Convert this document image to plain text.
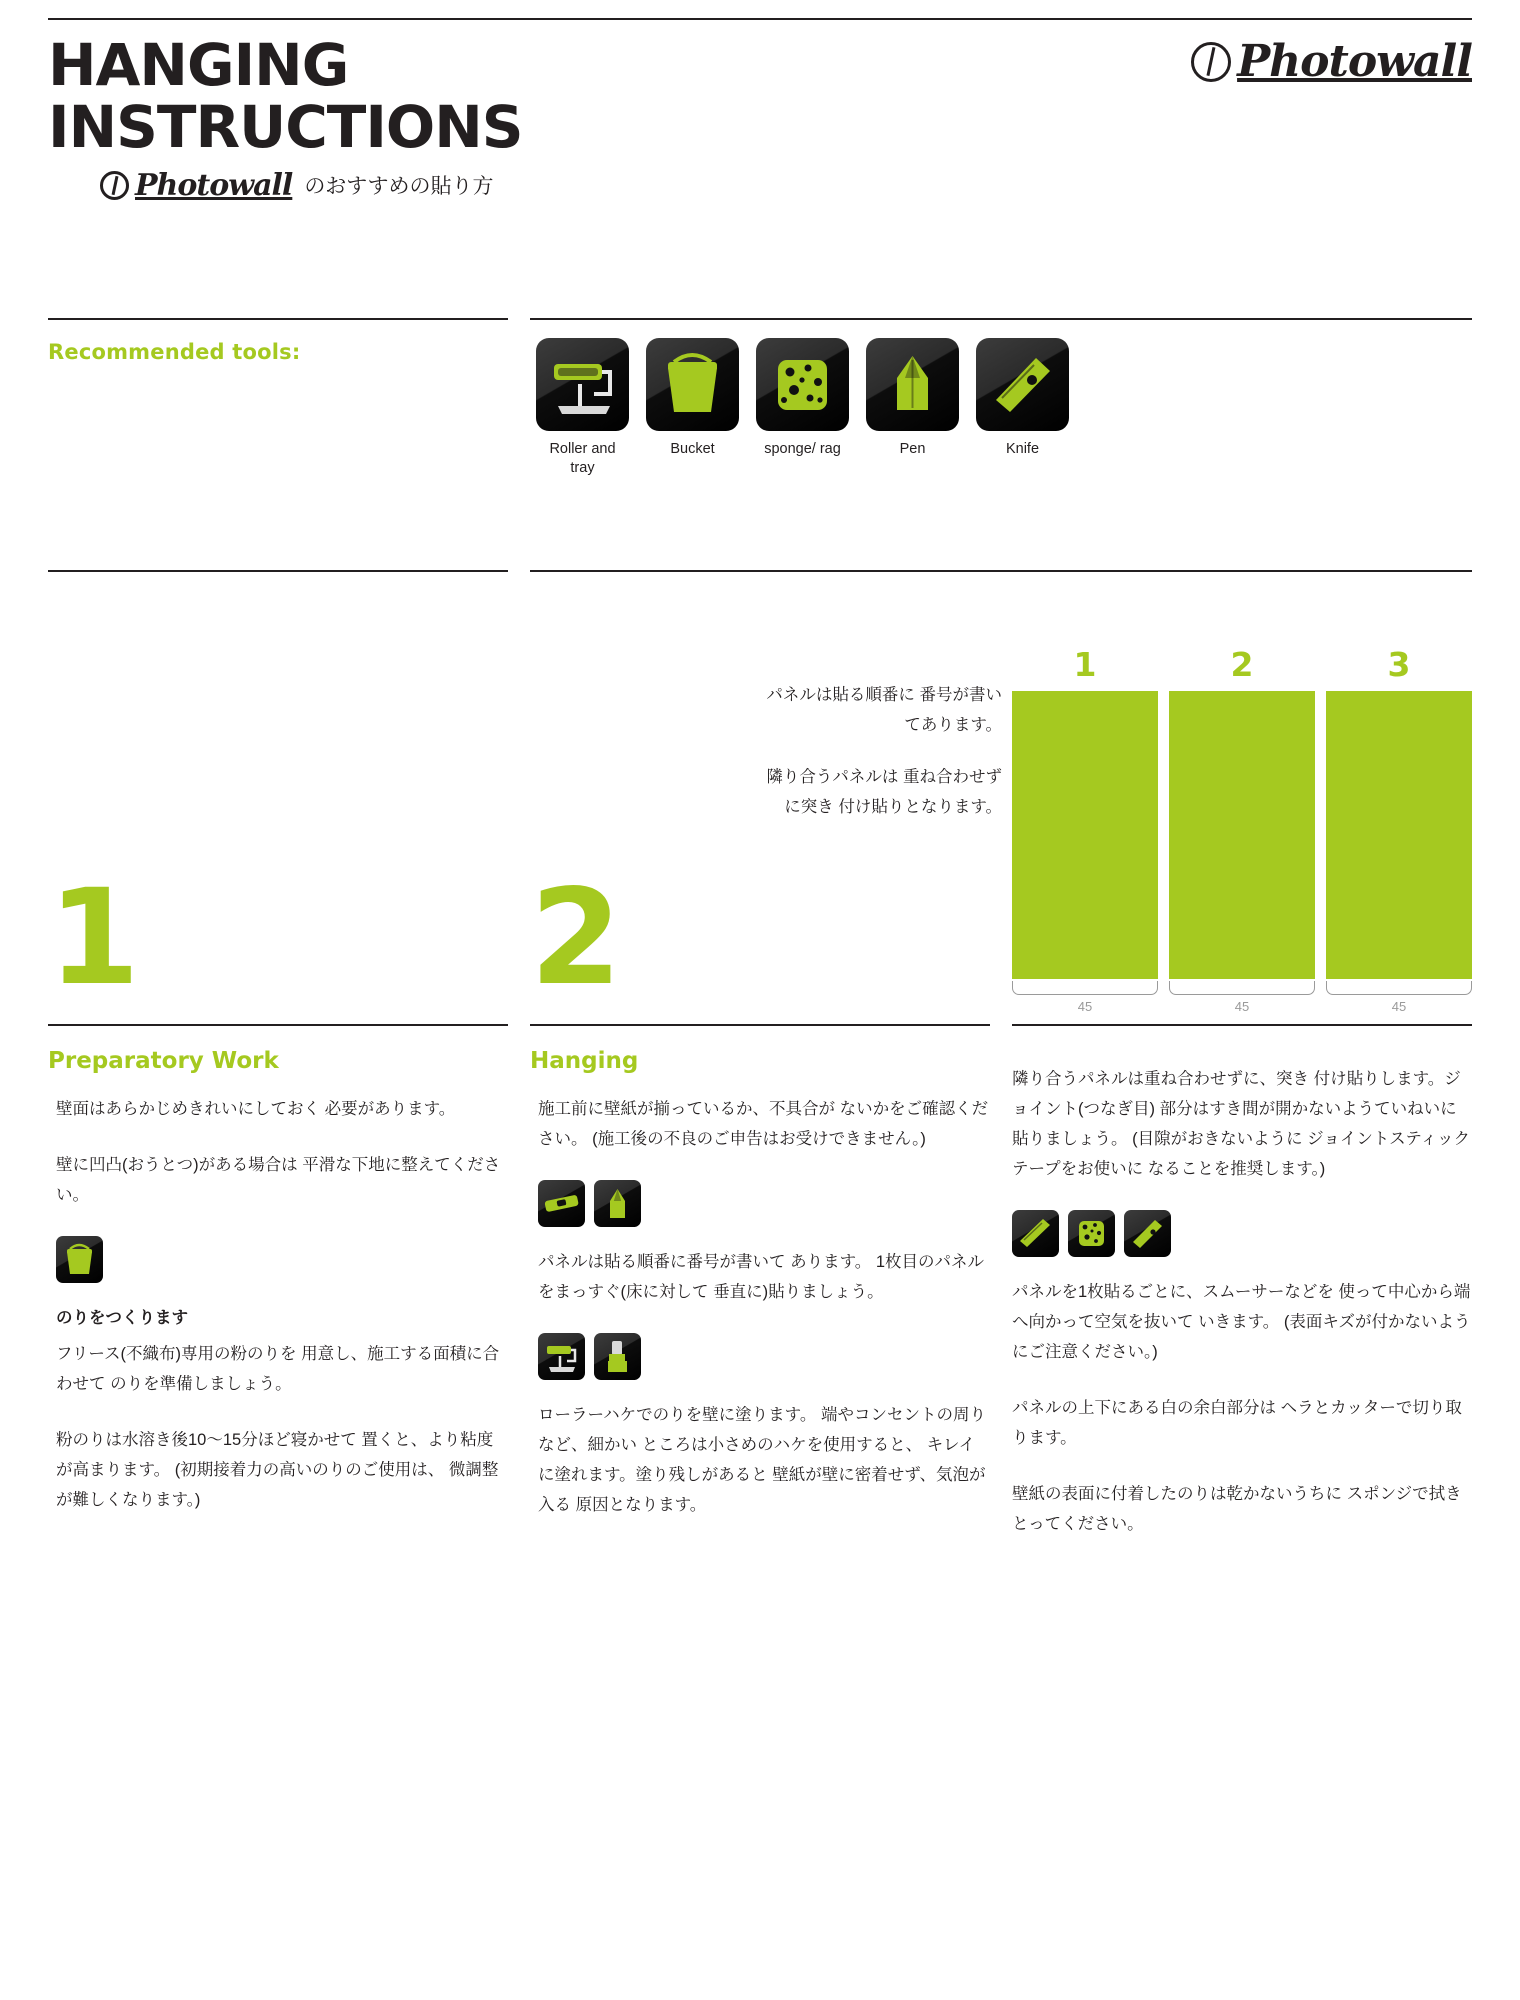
HANGING
INSTRUCTIONS
Photowall のおすすめの貼り方
Photowall
Recommended tools:
Roller and tray
Bucket	sponge/ rag	Pen	Knife
パネルは貼る順番に 番号が書いてあります。
隣り合うパネルは 重ね合わせずに突き 付け貼りとなります。
1	2	3
45	45	45
1	2
Preparatory Work

壁面はあらかじめきれいにしておく 必要があります。

壁に凹凸(おうとつ)がある場合は 平滑な下地に整えてください。

のりをつくります

フリース(不織布)専用の粉のりを 用意し、施工する面積に合わせて のりを準備しましょう。

粉のりは水溶き後10～15分ほど寝かせて 置くと、より粘度が高まります。 (初期接着力の高いのりのご使用は、 微調整が難しくなります。)

Hanging

施工前に壁紙が揃っているか、不具合が ないかをご確認ください。 (施工後の不良のご申告はお受けできません。)

パネルは貼る順番に番号が書いて あります。 1枚目のパネルをまっすぐ(床に対して 垂直に)貼りましょう。

ローラーハケでのりを壁に塗ります。 端やコンセントの周りなど、細かい ところは小さめのハケを使用すると、 キレイに塗れます。塗り残しがあると 壁紙が壁に密着せず、気泡が入る 原因となります。

隣り合うパネルは重ね合わせずに、突き 付け貼りします。ジョイント(つなぎ目) 部分はすき間が開かないようていねいに 貼りましょう。 (目隙がおきないように ジョイントスティックテープをお使いに なることを推奨します。)

パネルを1枚貼るごとに、スムーサーなどを 使って中心から端へ向かって空気を抜いて いきます。 (表面キズが付かないようにご注意ください。)

パネルの上下にある白の余白部分は ヘラとカッターで切り取ります。

壁紙の表面に付着したのりは乾かないうちに スポンジで拭きとってください。
